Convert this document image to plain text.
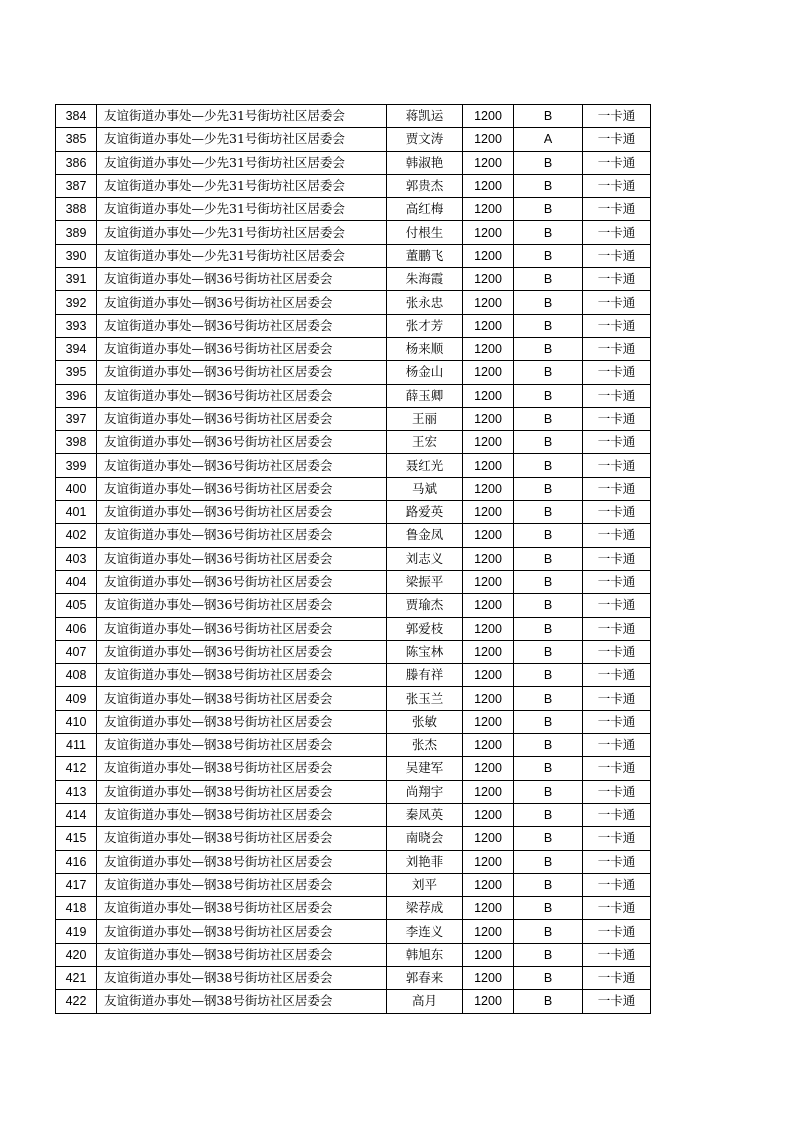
384	友谊街道办事处—少先31号街坊社区居委会	蒋凯运	1200	B	一卡通
385	友谊街道办事处—少先31号街坊社区居委会	贾文涛	1200	A	一卡通
386	友谊街道办事处—少先31号街坊社区居委会	韩淑艳	1200	B	一卡通
387	友谊街道办事处—少先31号街坊社区居委会	郭贵杰	1200	B	一卡通
388	友谊街道办事处—少先31号街坊社区居委会	高红梅	1200	B	一卡通
389	友谊街道办事处—少先31号街坊社区居委会	付根生	1200	B	一卡通
390	友谊街道办事处—少先31号街坊社区居委会	董鹏飞	1200	B	一卡通
391	友谊街道办事处—钢36号街坊社区居委会	朱海霞	1200	B	一卡通
392	友谊街道办事处—钢36号街坊社区居委会	张永忠	1200	B	一卡通
393	友谊街道办事处—钢36号街坊社区居委会	张才芳	1200	B	一卡通
394	友谊街道办事处—钢36号街坊社区居委会	杨来顺	1200	B	一卡通
395	友谊街道办事处—钢36号街坊社区居委会	杨金山	1200	B	一卡通
396	友谊街道办事处—钢36号街坊社区居委会	薛玉卿	1200	B	一卡通
397	友谊街道办事处—钢36号街坊社区居委会	王丽	1200	B	一卡通
398	友谊街道办事处—钢36号街坊社区居委会	王宏	1200	B	一卡通
399	友谊街道办事处—钢36号街坊社区居委会	聂红光	1200	B	一卡通
400	友谊街道办事处—钢36号街坊社区居委会	马斌	1200	B	一卡通
401	友谊街道办事处—钢36号街坊社区居委会	路爱英	1200	B	一卡通
402	友谊街道办事处—钢36号街坊社区居委会	鲁金凤	1200	B	一卡通
403	友谊街道办事处—钢36号街坊社区居委会	刘志义	1200	B	一卡通
404	友谊街道办事处—钢36号街坊社区居委会	梁振平	1200	B	一卡通
405	友谊街道办事处—钢36号街坊社区居委会	贾瑜杰	1200	B	一卡通
406	友谊街道办事处—钢36号街坊社区居委会	郭爱枝	1200	B	一卡通
407	友谊街道办事处—钢36号街坊社区居委会	陈宝林	1200	B	一卡通
408	友谊街道办事处—钢38号街坊社区居委会	滕有祥	1200	B	一卡通
409	友谊街道办事处—钢38号街坊社区居委会	张玉兰	1200	B	一卡通
410	友谊街道办事处—钢38号街坊社区居委会	张敏	1200	B	一卡通
411	友谊街道办事处—钢38号街坊社区居委会	张杰	1200	B	一卡通
412	友谊街道办事处—钢38号街坊社区居委会	吴建军	1200	B	一卡通
413	友谊街道办事处—钢38号街坊社区居委会	尚翔宇	1200	B	一卡通
414	友谊街道办事处—钢38号街坊社区居委会	秦凤英	1200	B	一卡通
415	友谊街道办事处—钢38号街坊社区居委会	南晓会	1200	B	一卡通
416	友谊街道办事处—钢38号街坊社区居委会	刘艳菲	1200	B	一卡通
417	友谊街道办事处—钢38号街坊社区居委会	刘平	1200	B	一卡通
418	友谊街道办事处—钢38号街坊社区居委会	梁荐成	1200	B	一卡通
419	友谊街道办事处—钢38号街坊社区居委会	李连义	1200	B	一卡通
420	友谊街道办事处—钢38号街坊社区居委会	韩旭东	1200	B	一卡通
421	友谊街道办事处—钢38号街坊社区居委会	郭春来	1200	B	一卡通
422	友谊街道办事处—钢38号街坊社区居委会	高月	1200	B	一卡通
